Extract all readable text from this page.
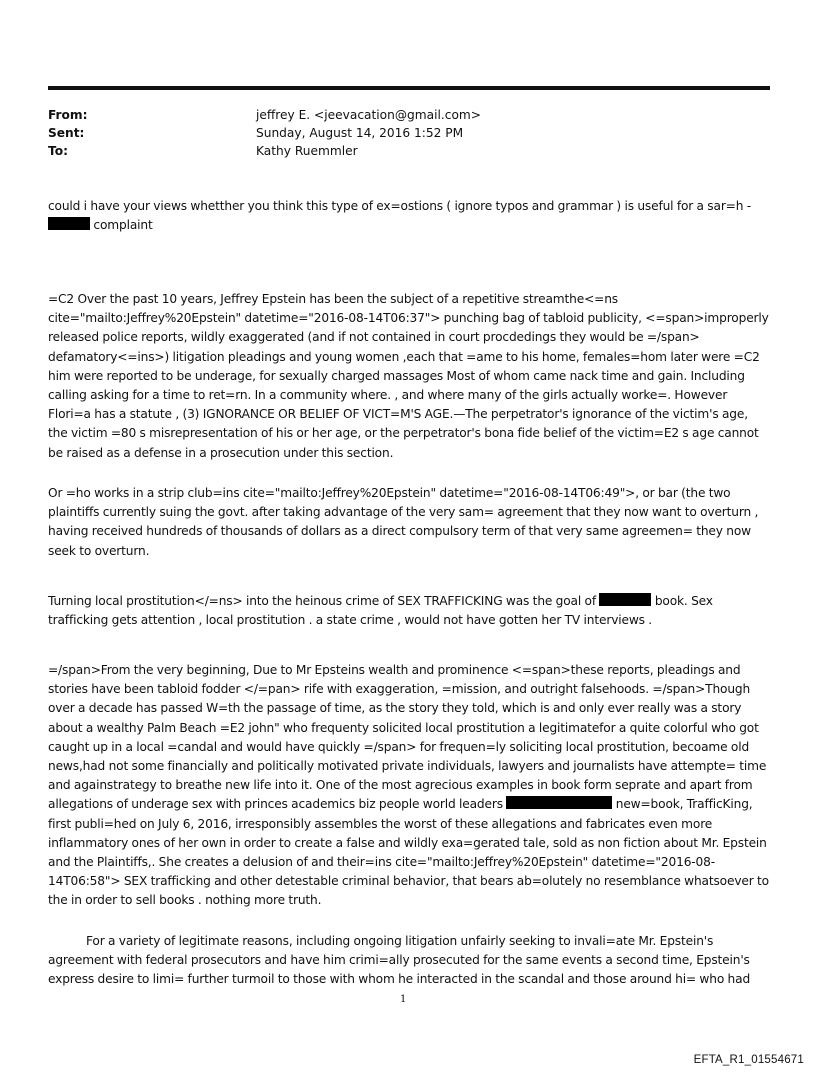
From:	jeffrey E. <jeevacation@gmail.com>
Sent:	Sunday, August 14, 2016 1:52 PM
To:	Kathy Ruemmler

could i have your views whetther you think this type of ex=ostions ( ignore typos and grammar ) is useful for a sar=h -
complaint

=C2 Over the past 10 years, Jeffrey Epstein has been the subject of a repetitive streamthe<=ns cite="mailto:Jeffrey%20Epstein" datetime="2016-08-14T06:37"> punching bag of tabloid publicity, <=span>improperly released police reports, wildly exaggerated (and if not contained in court procdedings they would be =/span> defamatory<=ins>) litigation pleadings and young women ,each that =ame to his home, females=hom later were =C2 him were reported to be underage, for sexually charged massages Most of whom came nack time and gain. Including calling asking for a time to ret=rn. In a community where. , and where many of the girls actually worke=. However Flori=a has a statute , (3) IGNORANCE OR BELIEF OF VICT=M'S AGE.—The perpetrator's ignorance of the victim's age, the victim =80 s misrepresentation of his or her age, or the perpetrator's bona fide belief of the victim=E2 s age cannot be raised as a defense in a prosecution under this section.

Or =ho works in a strip club=ins cite="mailto:Jeffrey%20Epstein" datetime="2016-08-14T06:49">, or bar (the two plaintiffs currently suing the govt. after taking advantage of the very sam= agreement that they now want to overturn , having received hundreds of thousands of dollars as a direct compulsory term of that very same agreemen= they now seek to overturn.

Turning local prostitution</=ns> into the heinous crime of SEX TRAFFICKING was the goal of	book. Sex trafficking gets attention , local prostitution . a state crime , would not have gotten her TV interviews .

=/span>From the very beginning, Due to Mr Epsteins wealth and prominence <=span>these reports, pleadings and stories have been tabloid fodder </=pan> rife with exaggeration, =mission, and outright falsehoods. =/span>Though over a decade has passed W=th the passage of time, as the story they told, which is and only ever really was a story about a wealthy Palm Beach =E2 john" who frequenty solicited local prostitution a legitimatefor a quite colorful who got caught up in a local =candal and would have quickly =/span> for frequen=ly soliciting local prostitution, becoame old news,had not some financially and politically motivated private individuals, lawyers and journalists have attempte= time and againstrategy to breathe new life into it. One of the most agrecious examples in book form seprate and apart from allegations of underage sex with princes academics biz people world leaders	new=book, TrafficKing, first publi=hed on July 6, 2016, irresponsibly assembles the worst of these allegations and fabricates even more inflammatory ones of her own in order to create a false and wildly exa=gerated tale, sold as non fiction about Mr. Epstein and the Plaintiffs,. She creates a delusion of and their=ins cite="mailto:Jeffrey%20Epstein" datetime="2016-08-14T06:58"> SEX trafficking and other detestable criminal behavior, that bears ab=olutely no resemblance whatsoever to the in order to sell books . nothing more truth.

For a variety of legitimate reasons, including ongoing litigation unfairly seeking to invali=ate Mr. Epstein's agreement with federal prosecutors and have him crimi=ally prosecuted for the same events a second time, Epstein's express desire to limi= further turmoil to those with whom he interacted in the scandal and those around hi= who had

1
EFTA_R1_01554671
